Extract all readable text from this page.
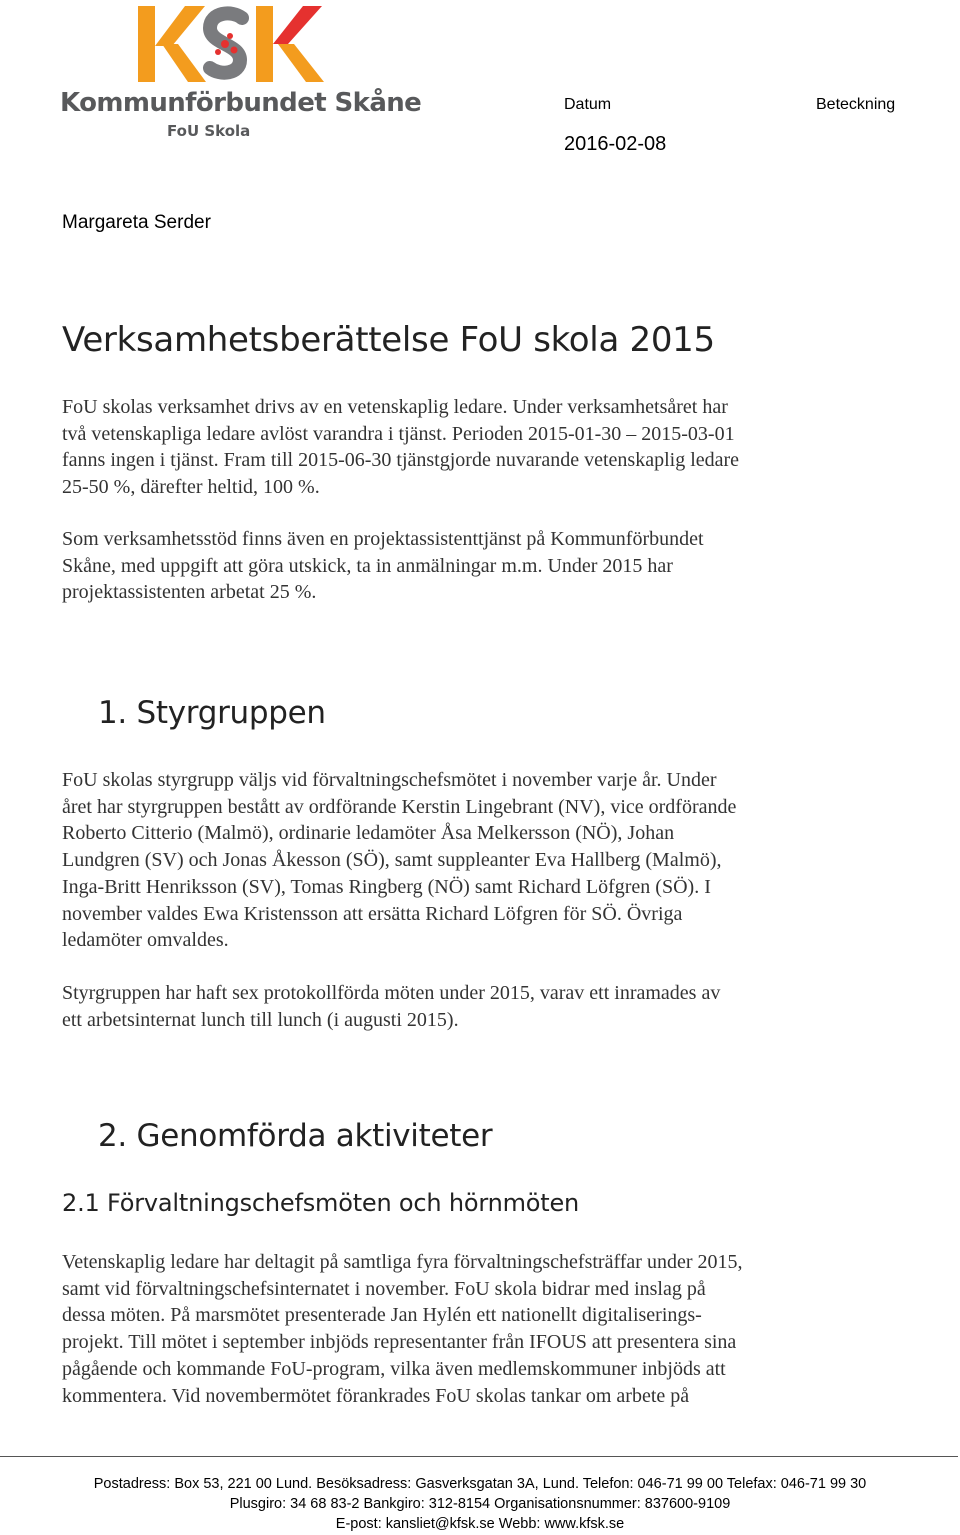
Kommunförbundet Skåne
FoU Skola
Datum	Beteckning
2016-02-08
Margareta Serder
Verksamhetsberättelse FoU skola 2015
FoU skolas verksamhet drivs av en vetenskaplig ledare. Under verksamhetsåret har
två vetenskapliga ledare avlöst varandra i tjänst. Perioden 2015-01-30 – 2015-03-01
fanns ingen i tjänst. Fram till 2015-06-30 tjänstgjorde nuvarande vetenskaplig ledare
25-50 %, därefter heltid, 100 %.
Som verksamhetsstöd finns även en projektassistenttjänst på Kommunförbundet
Skåne, med uppgift att göra utskick, ta in anmälningar m.m. Under 2015 har
projektassistenten arbetat 25 %.
1. Styrgruppen
FoU skolas styrgrupp väljs vid förvaltningschefsmötet i november varje år. Under
året har styrgruppen bestått av ordförande Kerstin Lingebrant (NV), vice ordförande
Roberto Citterio (Malmö), ordinarie ledamöter Åsa Melkersson (NÖ), Johan
Lundgren (SV) och Jonas Åkesson (SÖ), samt suppleanter Eva Hallberg (Malmö),
Inga-Britt Henriksson (SV), Tomas Ringberg (NÖ) samt Richard Löfgren (SÖ). I
november valdes Ewa Kristensson att ersätta Richard Löfgren för SÖ. Övriga
ledamöter omvaldes.
Styrgruppen har haft sex protokollförda möten under 2015, varav ett inramades av
ett arbetsinternat lunch till lunch (i augusti 2015).
2. Genomförda aktiviteter
2.1 Förvaltningschefsmöten och hörnmöten
Vetenskaplig ledare har deltagit på samtliga fyra förvaltningschefsträffar under 2015,
samt vid förvaltningschefsinternatet i november. FoU skola bidrar med inslag på
dessa möten. På marsmötet presenterade Jan Hylén ett nationellt digitaliserings-
projekt. Till mötet i september inbjöds representanter från IFOUS att presentera sina
pågående och kommande FoU-program, vilka även medlemskommuner inbjöds att
kommentera. Vid novembermötet förankrades FoU skolas tankar om arbete på
Postadress: Box 53, 221 00 Lund. Besöksadress: Gasverksgatan 3A, Lund. Telefon: 046-71 99 00 Telefax: 046-71 99 30
Plusgiro: 34 68 83-2 Bankgiro: 312-8154 Organisationsnummer: 837600-9109
E-post: kansliet@kfsk.se Webb: www.kfsk.se
